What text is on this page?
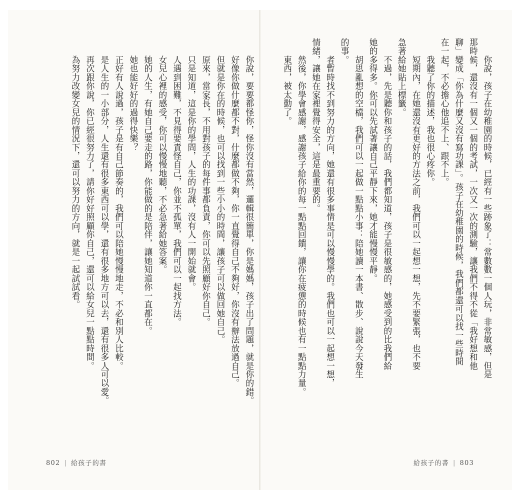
　　你說，孩子在幼稚園的時候，已經有一些跡象了：常數數一個人玩，非常敏感，但是
那時候，還沒有一個又一個的考試，一次又一次的測驗，讓我們不得不從「我好想和他
聊」變成「你為什麼又沒有寫功課」。孩子在幼稚園的時候，我們都還可以找一些時間
在一起，不必擔心他追不上、跟不上。
　　我聽了你的描述，我也很心疼你。
　　短期內，在她還沒有更好的方法之前，我們可以一起想一想，先不要緊張，也不要
急著給她貼上標籤。
　　不過，先是聽你和孩子的話，我們都知道，孩子是很敏感的，她感受到的比我們給
她的多得多。你可以先試著讓自己平靜下來，她才能慢慢平靜。
　　胡思亂想的空檔，我們可以一起做一點點小事：陪她讀一本書、散步、說說今天發生
的事。
　　者暫時找不到努力的方向，她還有很多事情是可以慢慢學的。我們也可以一起想一想，
情緒，讓她在家裡覺得安全，這是最重要的。
　　然後，你學會感謝，感謝孩子給你的每一點點回饋，讓你在疲憊的時候也有一點點力量。
　　東西，被太動了。
　　你說，要要都怪你，怪你沒有當然，邏輯很簡單，你是媽媽，孩子出了問題，就是你的錯。
　　好像你做什麼都不對，什麼都做不夠，你一直覺得自己不夠好，你沒有辦法放過自己。
　　但就是你在的時候，也可以找到一些小小的時間，讓孩子可以做回她自己。
　　原來，當家長，不用對孩子的每件事都負責，你可以先照顧好你自己。
　　只是知道，這是你的學問，人生的功課，沒有人一開始就會。
　　人遇到困難，不見得要責怪自己，你並不孤單，我們可以一起找方法。
　　女兒心裡的感受，你可以慢慢地聽，不必急著給她答案。
　　她的人生，有她自己要走的路，你能做的是陪伴，讓她知道你一直都在。
　　她也能好好的過得快樂？
　　正好有人說過，孩子是有自己節奏的，我們可以陪她慢慢地走，不必和別人比較。
　　是人生的一小部分，人生還有很多東西可以學，還有很多地方可以去，還有很多人可以愛。
　　再次跟你說，你已經很努力了，請你好好照顧你自己，還可以給女兒一點點時間。
　　為努力改變女兒的情況下，還可以努力的方向，就是一起試試看。
802 | 給孩子的書	給孩子的書 | 803
